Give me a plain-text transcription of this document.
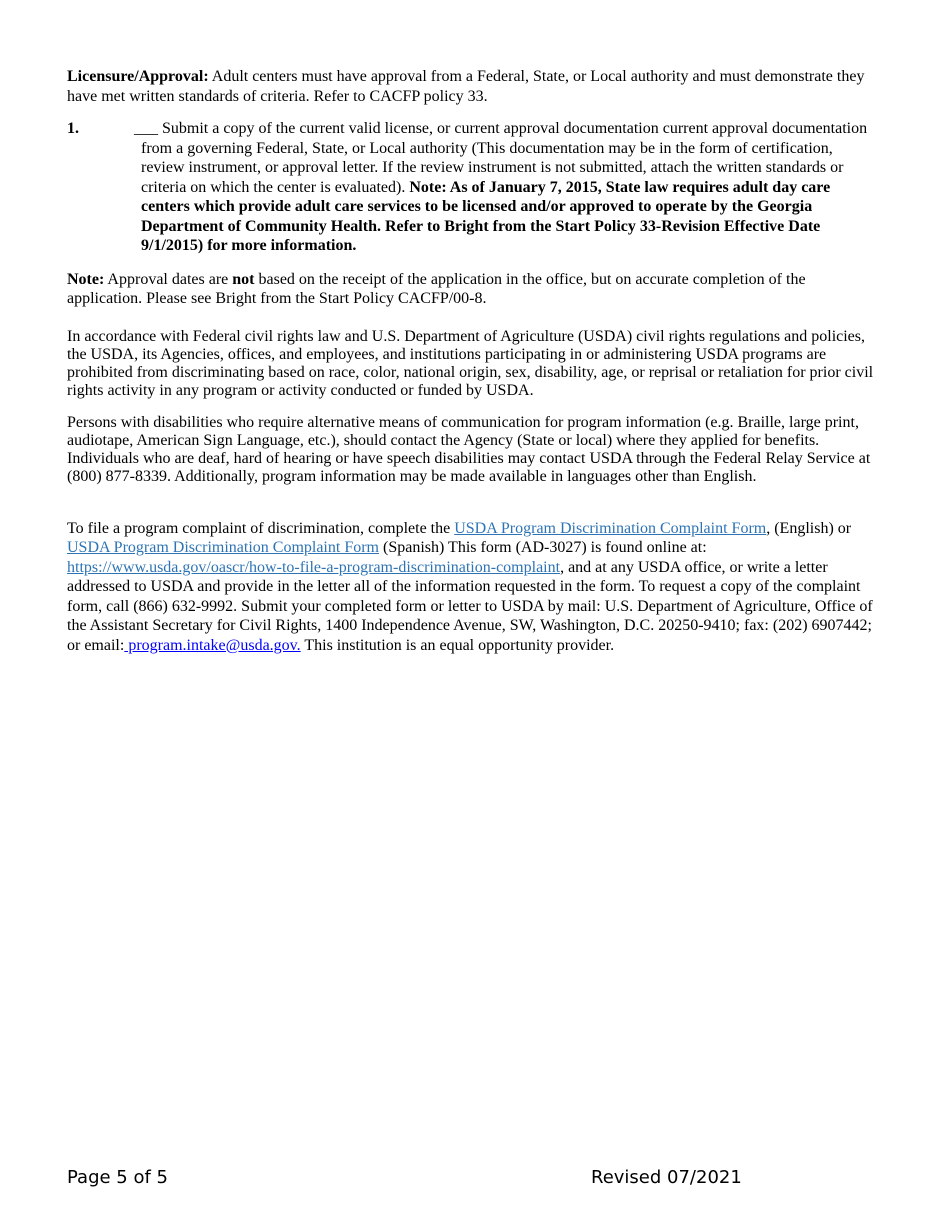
Licensure/Approval: Adult centers must have approval from a Federal, State, or Local authority and must demonstrate they have met written standards of criteria. Refer to CACFP policy 33.

1.	___ Submit a copy of the current valid license, or current approval documentation current approval documentation from a governing Federal, State, or Local authority (This documentation may be in the form of certification, review instrument, or approval letter. If the review instrument is not submitted, attach the written standards or criteria on which the center is evaluated). Note: As of January 7, 2015, State law requires adult day care centers which provide adult care services to be licensed and/or approved to operate by the Georgia Department of Community Health. Refer to Bright from the Start Policy 33-Revision Effective Date 9/1/2015) for more information.

Note: Approval dates are not based on the receipt of the application in the office, but on accurate completion of the application. Please see Bright from the Start Policy CACFP/00-8.

In accordance with Federal civil rights law and U.S. Department of Agriculture (USDA) civil rights regulations and policies, the USDA, its Agencies, offices, and employees, and institutions participating in or administering USDA programs are prohibited from discriminating based on race, color, national origin, sex, disability, age, or reprisal or retaliation for prior civil rights activity in any program or activity conducted or funded by USDA.

Persons with disabilities who require alternative means of communication for program information (e.g. Braille, large print, audiotape, American Sign Language, etc.), should contact the Agency (State or local) where they applied for benefits. Individuals who are deaf, hard of hearing or have speech disabilities may contact USDA through the Federal Relay Service at (800) 877-8339. Additionally, program information may be made available in languages other than English.

To file a program complaint of discrimination, complete the USDA Program Discrimination Complaint Form, (English) or USDA Program Discrimination Complaint Form (Spanish) This form (AD-3027) is found online at: https://www.usda.gov/oascr/how-to-file-a-program-discrimination-complaint, and at any USDA office, or write a letter addressed to USDA and provide in the letter all of the information requested in the form. To request a copy of the complaint form, call (866) 632-9992. Submit your completed form or letter to USDA by mail: U.S. Department of Agriculture, Office of the Assistant Secretary for Civil Rights, 1400 Independence Avenue, SW, Washington, D.C. 20250-9410; fax: (202) 6907442; or email: program.intake@usda.gov. This institution is an equal opportunity provider.

Page 5 of 5	Revised 07/2021
